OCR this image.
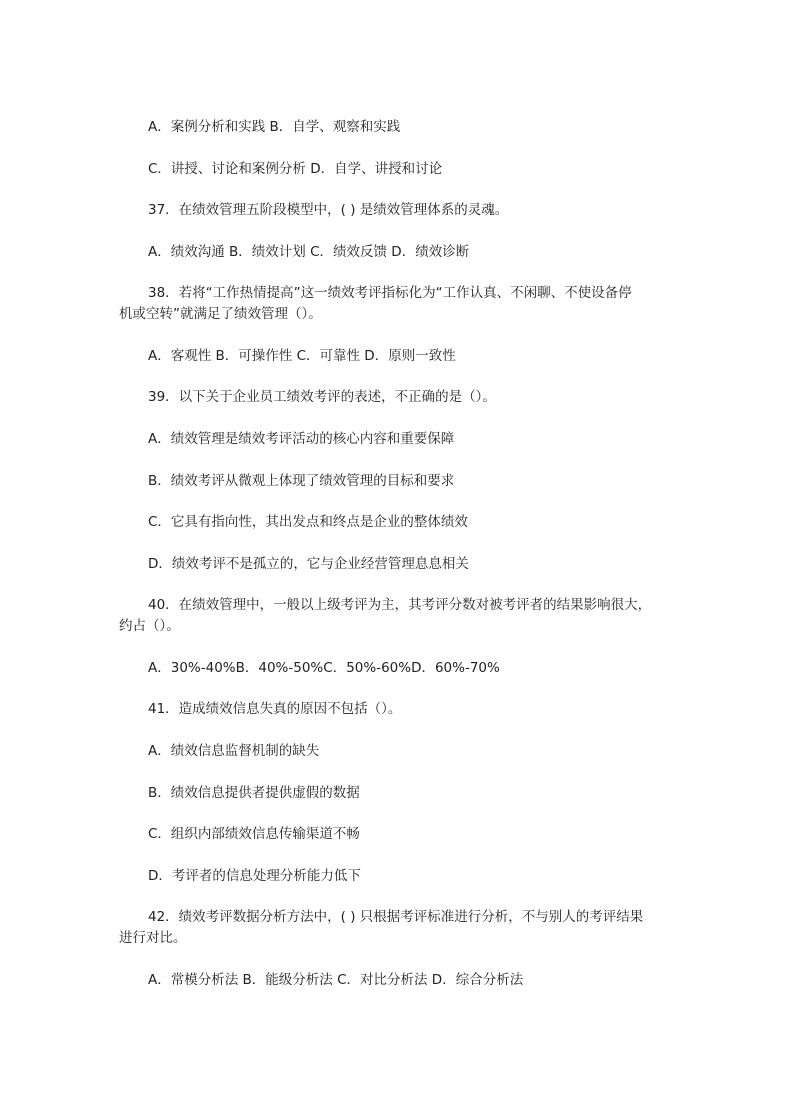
A．案例分析和实践 B．自学、观察和实践
C．讲授、讨论和案例分析 D．自学、讲授和讨论
37．在绩效管理五阶段模型中，( ) 是绩效管理体系的灵魂。
A．绩效沟通 B．绩效计划 C．绩效反馈 D．绩效诊断
38．若将“工作热情提高”这一绩效考评指标化为“工作认真、不闲聊、不使设备停
机或空转”就满足了绩效管理（）。
A．客观性 B．可操作性 C．可靠性 D．原则一致性
39．以下关于企业员工绩效考评的表述，不正确的是（）。
A．绩效管理是绩效考评活动的核心内容和重要保障
B．绩效考评从微观上体现了绩效管理的目标和要求
C．它具有指向性，其出发点和终点是企业的整体绩效
D．绩效考评不是孤立的，它与企业经营管理息息相关
40．在绩效管理中，一般以上级考评为主，其考评分数对被考评者的结果影响很大，
约占（）。
A．30%-40%B．40%-50%C．50%-60%D．60%-70%
41．造成绩效信息失真的原因不包括（）。
A．绩效信息监督机制的缺失
B．绩效信息提供者提供虚假的数据
C．组织内部绩效信息传输渠道不畅
D．考评者的信息处理分析能力低下
42．绩效考评数据分析方法中，( ) 只根据考评标准进行分析，不与别人的考评结果
进行对比。
A．常模分析法 B．能级分析法 C．对比分析法 D．综合分析法
